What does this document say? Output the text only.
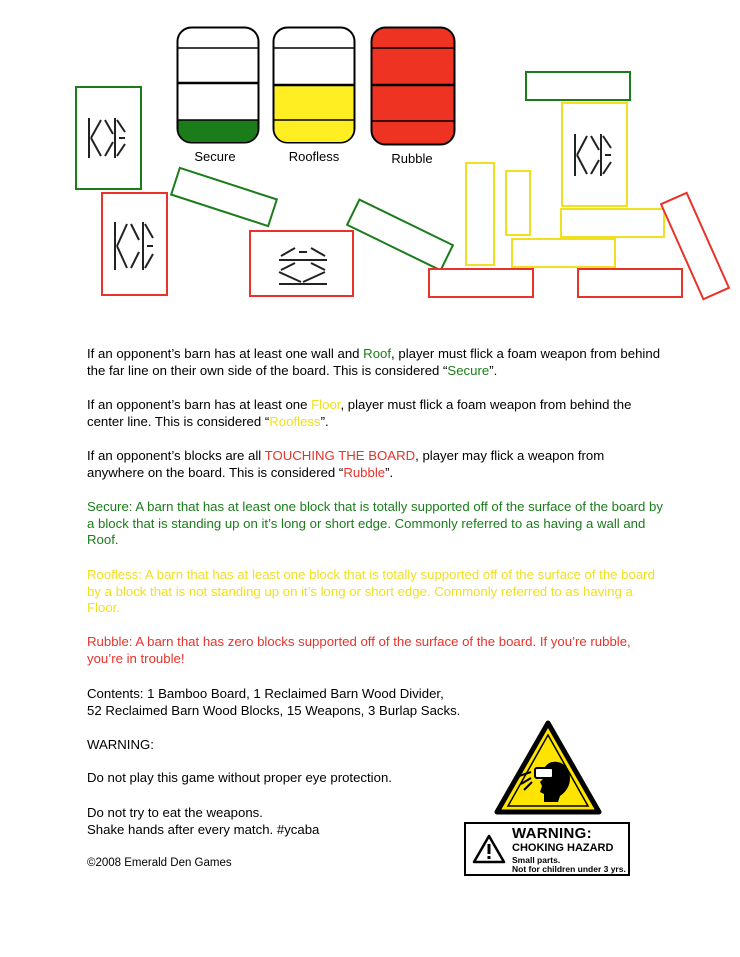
Secure	Roofless	Rubble

If an opponent’s barn has at least one wall and Roof, player must flick a foam weapon from behind the far line on their own side of the board. This is considered “Secure”.

If an opponent’s barn has at least one Floor, player must flick a foam weapon from behind the center line. This is considered “Roofless”.

If an opponent’s blocks are all TOUCHING THE BOARD, player may flick a weapon from anywhere on the board. This is considered “Rubble”.

Secure: A barn that has at least one block that is totally supported off of the surface of the board by a block that is standing up on it’s long or short edge. Commonly referred to as having a wall and Roof.
Roofless: A barn that has at least one block that is totally supported off of the surface of the board by a block that is not standing up on it’s long or short edge. Commonly referred to as having a Floor.
Rubble: A barn that has zero blocks supported off of the surface of the board. If you’re rubble, you’re in trouble!

Contents: 1 Bamboo Board, 1 Reclaimed Barn Wood Divider,

52 Reclaimed Barn Wood Blocks, 15 Weapons, 3 Burlap Sacks.

WARNING:
Do not play this game without proper eye protection.

Do not try to eat the weapons.

Shake hands after every match. #ycaba

©2008 Emerald Den Games
WARNING:
CHOKING HAZARD
Small parts.
Not for children under 3 yrs.
